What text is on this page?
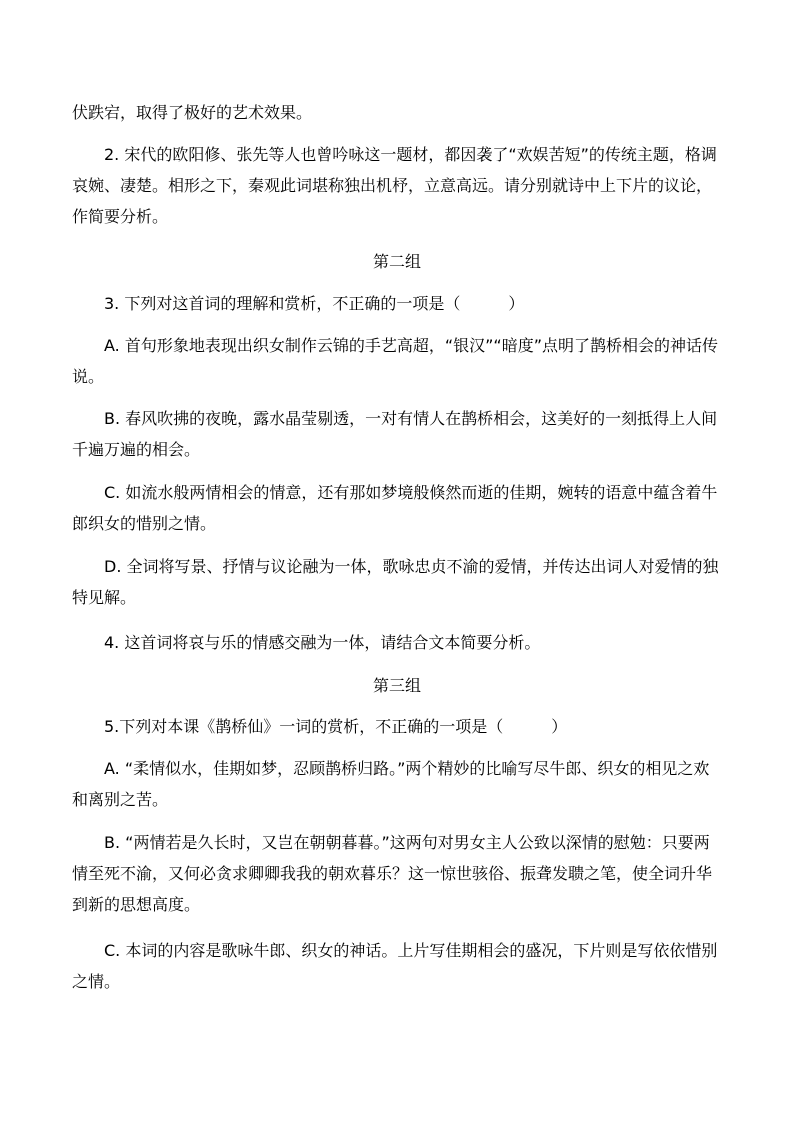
伏跌宕，取得了极好的艺术效果。

2. 宋代的欧阳修、张先等人也曾吟咏这一题材，都因袭了“欢娱苦短”的传统主题，格调哀婉、凄楚。相形之下，秦观此词堪称独出机杼，立意高远。请分别就诗中上下片的议论，作简要分析。

第二组

3. 下列对这首词的理解和赏析，不正确的一项是（　　　）

A. 首句形象地表现出织女制作云锦的手艺高超，“银汉”“暗度”点明了鹊桥相会的神话传说。

B. 春风吹拂的夜晚，露水晶莹剔透，一对有情人在鹊桥相会，这美好的一刻抵得上人间千遍万遍的相会。

C. 如流水般两情相会的情意，还有那如梦境般倏然而逝的佳期，婉转的语意中蕴含着牛郎织女的惜别之情。

D. 全词将写景、抒情与议论融为一体，歌咏忠贞不渝的爱情，并传达出词人对爱情的独特见解。

4. 这首词将哀与乐的情感交融为一体，请结合文本简要分析。

第三组

5.下列对本课《鹊桥仙》一词的赏析，不正确的一项是（　　　）

A. “柔情似水，佳期如梦，忍顾鹊桥归路。”两个精妙的比喻写尽牛郎、织女的相见之欢和离别之苦。

B. “两情若是久长时，又岂在朝朝暮暮。”这两句对男女主人公致以深情的慰勉：只要两情至死不渝，又何必贪求卿卿我我的朝欢暮乐？这一惊世骇俗、振聋发聩之笔，使全词升华到新的思想高度。

C. 本词的内容是歌咏牛郎、织女的神话。上片写佳期相会的盛况，下片则是写依依惜别之情。
